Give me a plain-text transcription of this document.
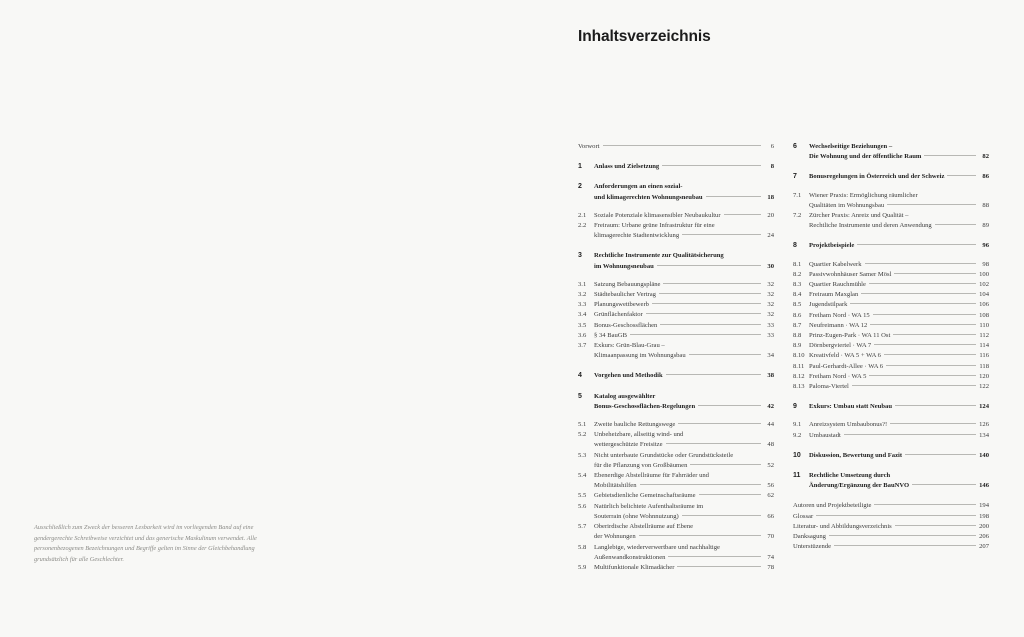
Ausschließlich zum Zweck der besseren Lesbarkeit wird im vorliegenden Band auf eine gendergerechte Schreibweise verzichtet und das generische Maskulinum verwendet. Alle personenbezogenen Bezeichnungen und Begriffe gelten im Sinne der Gleichbehandlung grundsätzlich für alle Geschlechter.
Inhaltsverzeichnis
Vorwort	6
1	Anlass und Zielsetzung	8
2	Anforderungen an einen sozial-
und klimagerechten Wohnungsneubau	18
2.1	Soziale Potenziale klimasensibler Neubaukultur	20
2.2	Freiraum: Urbane grüne Infrastruktur für eine
klimagerechte Stadtentwicklung	24
3	Rechtliche Instrumente zur Qualitätsicherung
im Wohnungsneubau	30
3.1	Satzung Bebauungspläne	32
3.2	Städtebaulicher Vertrag	32
3.3	Planungswettbewerb	32
3.4	Grünflächenfaktor	32
3.5	Bonus-Geschossflächen	33
3.6	§ 34 BauGB	33
3.7	Exkurs: Grün-Blau-Grau –
Klimaanpassung im Wohnungsbau	34
4	Vorgehen und Methodik	38
5	Katalog ausgewählter
Bonus-Geschossflächen-Regelungen	42
5.1	Zweite bauliche Rettungswege	44
5.2	Unbeheizbare, allseitig wind- und
wettergeschützte Freisitze	48
5.3	Nicht unterbaute Grundstücke oder Grundstücksteile
für die Pflanzung von Großbäumen	52
5.4	Ebenerdige Abstellräume für Fahrräder und
Mobilitätshilfen	56
5.5	Gebietsdienliche Gemeinschaftsräume	62
5.6	Natürlich belichtete Aufenthaltsräume im
Souterrain (ohne Wohnnutzung)	66
5.7	Oberirdische Abstellräume auf Ebene
der Wohnungen	70
5.8	Langlebige, wiederverwertbare und nachhaltige
Außenwandkonstruktionen	74
5.9	Multifunktionale Klimadächer	78
6	Wechselseitige Beziehungen –
Die Wohnung und der öffentliche Raum	82
7	Bonusregelungen in Österreich und der Schweiz	86
7.1	Wiener Praxis: Ermöglichung räumlicher
Qualitäten im Wohnungsbau	88
7.2	Zürcher Praxis: Anreiz und Qualität –
Rechtliche Instrumente und deren Anwendung	89
8	Projektbeispiele	96
8.1	Quartier Kabelwerk	98
8.2	Passivwohnhäuser Samer Mösl	100
8.3	Quartier Rauchmühle	102
8.4	Freiraum Maxglan	104
8.5	Jugendstilpark	106
8.6	Freiham Nord · WA 15	108
8.7	Neufreimann · WA 12	110
8.8	Prinz-Eugen-Park · WA 11 Ost	112
8.9	Dörnbergviertel · WA 7	114
8.10 Kreativfeld · WA 5 + WA 6	116
8.11 Paul-Gerhardt-Allee · WA 6	118
8.12 Freiham Nord · WA 5	120
8.13 Paloma-Viertel	122
9	Exkurs: Umbau statt Neubau	124
9.1	Anreizsystem Umbaubonus?!	126
9.2	Umbaustadt	134
10	Diskussion, Bewertung und Fazit	140
11	Rechtliche Umsetzung durch
Änderung/Ergänzung der BauNVO	146
Autoren und Projektbeteiligte	194
Glossar	198
Literatur- und Abbildungsverzeichnis	200
Danksagung	206
Unterstüzende	207
